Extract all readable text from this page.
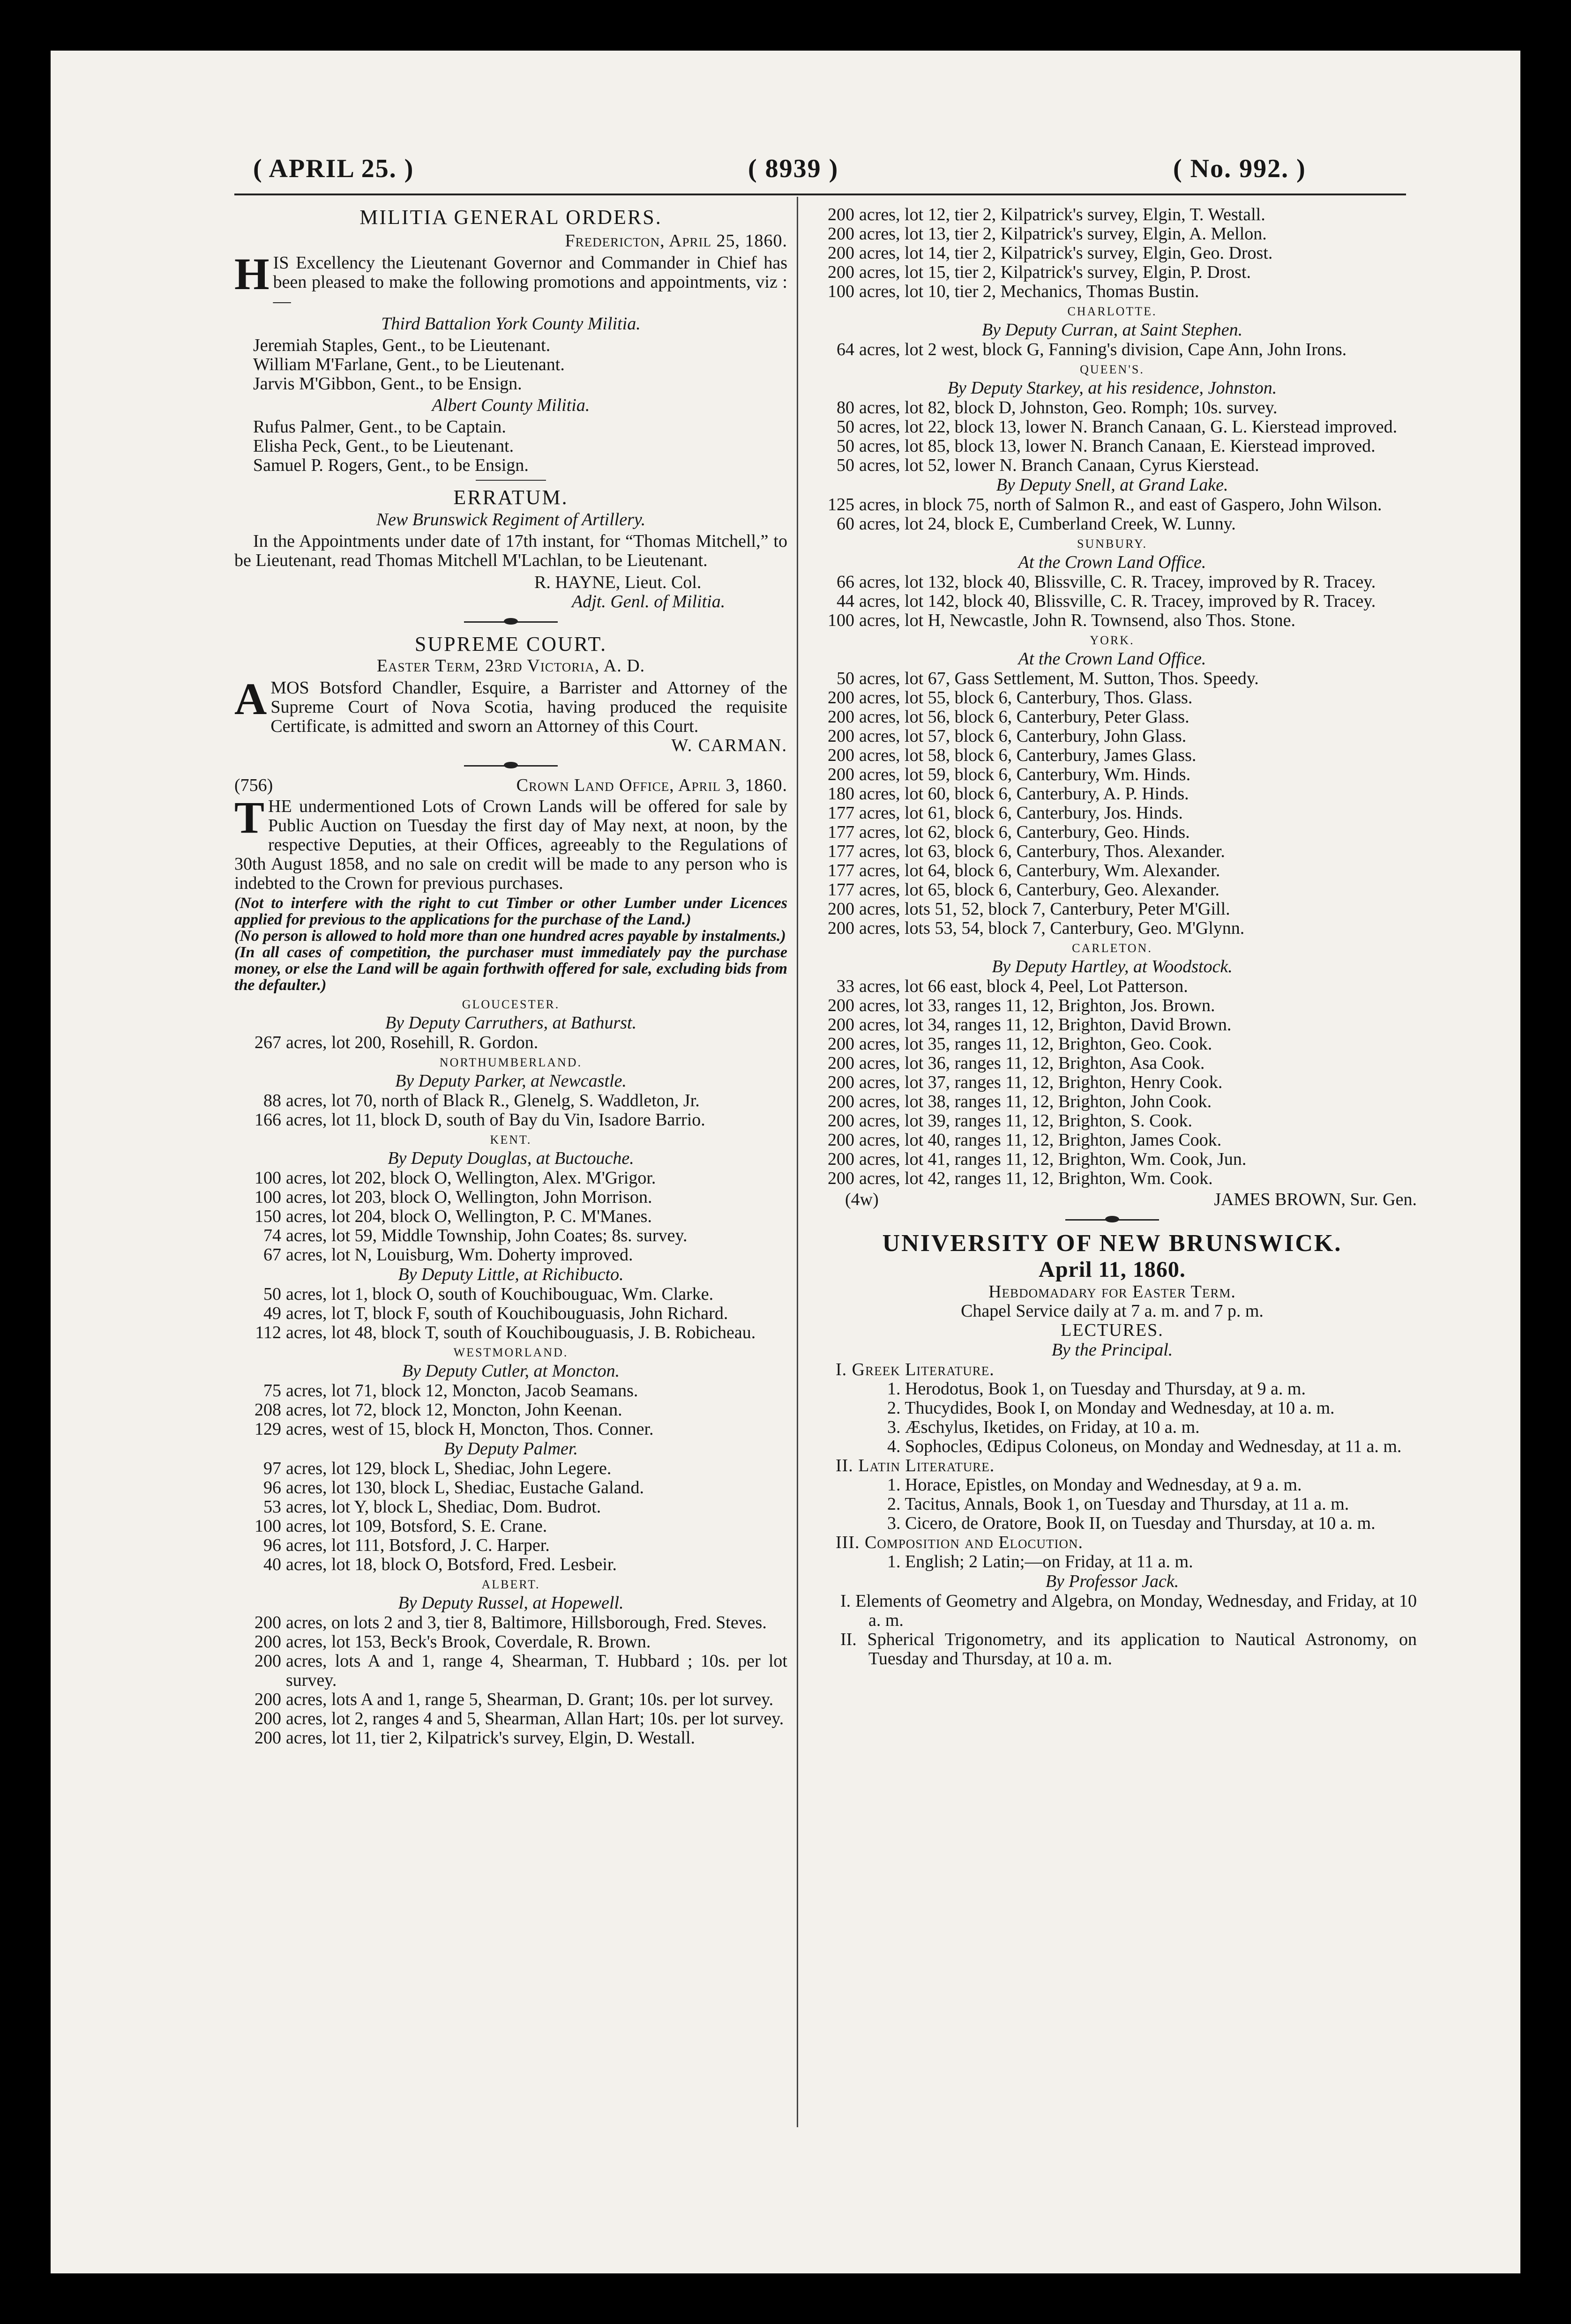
( APRIL 25. )	( 8939 )	( No. 992. )

MILITIA GENERAL ORDERS.

Fredericton, April 25, 1860.

HIS Excellency the Lieutenant Governor and Commander in Chief has been pleased to make the following promotions and appointments, viz :—

Third Battalion York County Militia.

Jeremiah Staples, Gent., to be Lieutenant.

William M'Farlane, Gent., to be Lieutenant.

Jarvis M'Gibbon, Gent., to be Ensign.

Albert County Militia.

Rufus Palmer, Gent., to be Captain.

Elisha Peck, Gent., to be Lieutenant.

Samuel P. Rogers, Gent., to be Ensign.

ERRATUM.

New Brunswick Regiment of Artillery.

In the Appointments under date of 17th instant, for “Thomas Mitchell,” to be Lieutenant, read Thomas Mitchell M'Lachlan, to be Lieutenant.

R. HAYNE, Lieut. Col.

Adjt. Genl. of Militia.

SUPREME COURT.

Easter Term, 23rd Victoria, A. D.

AMOS Botsford Chandler, Esquire, a Barrister and Attorney of the Supreme Court of Nova Scotia, having produced the requisite Certificate, is admitted and sworn an Attorney of this Court.

W. CARMAN.

(756)	Crown Land Office, April 3, 1860.

THE undermentioned Lots of Crown Lands will be offered for sale by Public Auction on Tuesday the first day of May next, at noon, by the respective Deputies, at their Offices, agreeably to the Regulations of 30th August 1858, and no sale on credit will be made to any person who is indebted to the Crown for previous purchases.

(Not to interfere with the right to cut Timber or other Lumber under Licences applied for previous to the applications for the purchase of the Land.)

(No person is allowed to hold more than one hundred acres payable by instalments.)

(In all cases of competition, the purchaser must immediately pay the purchase money, or else the Land will be again forthwith offered for sale, excluding bids from the defaulter.)

GLOUCESTER.

By Deputy Carruthers, at Bathurst.

267 acres, lot 200, Rosehill, R. Gordon.

NORTHUMBERLAND.

By Deputy Parker, at Newcastle.

88 acres, lot 70, north of Black R., Glenelg, S. Waddleton, Jr.

166 acres, lot 11, block D, south of Bay du Vin, Isadore Barrio.

KENT.

By Deputy Douglas, at Buctouche.

100 acres, lot 202, block O, Wellington, Alex. M'Grigor.

100 acres, lot 203, block O, Wellington, John Morrison.

150 acres, lot 204, block O, Wellington, P. C. M'Manes.

74 acres, lot 59, Middle Township, John Coates; 8s. survey.

67 acres, lot N, Louisburg, Wm. Doherty improved.

By Deputy Little, at Richibucto.

50 acres, lot 1, block O, south of Kouchibouguac, Wm. Clarke.

49 acres, lot T, block F, south of Kouchibouguasis, John Richard.

112 acres, lot 48, block T, south of Kouchibouguasis, J. B. Robicheau.

WESTMORLAND.

By Deputy Cutler, at Moncton.

75 acres, lot 71, block 12, Moncton, Jacob Seamans.

208 acres, lot 72, block 12, Moncton, John Keenan.

129 acres, west of 15, block H, Moncton, Thos. Conner.

By Deputy Palmer.

97 acres, lot 129, block L, Shediac, John Legere.

96 acres, lot 130, block L, Shediac, Eustache Galand.

53 acres, lot Y, block L, Shediac, Dom. Budrot.

100 acres, lot 109, Botsford, S. E. Crane.

96 acres, lot 111, Botsford, J. C. Harper.

40 acres, lot 18, block O, Botsford, Fred. Lesbeir.

ALBERT.

By Deputy Russel, at Hopewell.

200 acres, on lots 2 and 3, tier 8, Baltimore, Hillsborough, Fred. Steves.

200 acres, lot 153, Beck's Brook, Coverdale, R. Brown.

200 acres, lots A and 1, range 4, Shearman, T. Hubbard ; 10s. per lot survey.

200 acres, lots A and 1, range 5, Shearman, D. Grant; 10s. per lot survey.

200 acres, lot 2, ranges 4 and 5, Shearman, Allan Hart; 10s. per lot survey.

200 acres, lot 11, tier 2, Kilpatrick's survey, Elgin, D. Westall.

200 acres, lot 12, tier 2, Kilpatrick's survey, Elgin, T. Westall.

200 acres, lot 13, tier 2, Kilpatrick's survey, Elgin, A. Mellon.

200 acres, lot 14, tier 2, Kilpatrick's survey, Elgin, Geo. Drost.

200 acres, lot 15, tier 2, Kilpatrick's survey, Elgin, P. Drost.

100 acres, lot 10, tier 2, Mechanics, Thomas Bustin.

CHARLOTTE.

By Deputy Curran, at Saint Stephen.

64 acres, lot 2 west, block G, Fanning's division, Cape Ann, John Irons.

QUEEN'S.

By Deputy Starkey, at his residence, Johnston.

80 acres, lot 82, block D, Johnston, Geo. Romph; 10s. survey.

50 acres, lot 22, block 13, lower N. Branch Canaan, G. L. Kierstead improved.

50 acres, lot 85, block 13, lower N. Branch Canaan, E. Kierstead improved.

50 acres, lot 52, lower N. Branch Canaan, Cyrus Kierstead.

By Deputy Snell, at Grand Lake.

125 acres, in block 75, north of Salmon R., and east of Gaspero, John Wilson.

60 acres, lot 24, block E, Cumberland Creek, W. Lunny.

SUNBURY.

At the Crown Land Office.

66 acres, lot 132, block 40, Blissville, C. R. Tracey, improved by R. Tracey.

44 acres, lot 142, block 40, Blissville, C. R. Tracey, improved by R. Tracey.

100 acres, lot H, Newcastle, John R. Townsend, also Thos. Stone.

YORK.

At the Crown Land Office.

50 acres, lot 67, Gass Settlement, M. Sutton, Thos. Speedy.

200 acres, lot 55, block 6, Canterbury, Thos. Glass.

200 acres, lot 56, block 6, Canterbury, Peter Glass.

200 acres, lot 57, block 6, Canterbury, John Glass.

200 acres, lot 58, block 6, Canterbury, James Glass.

200 acres, lot 59, block 6, Canterbury, Wm. Hinds.

180 acres, lot 60, block 6, Canterbury, A. P. Hinds.

177 acres, lot 61, block 6, Canterbury, Jos. Hinds.

177 acres, lot 62, block 6, Canterbury, Geo. Hinds.

177 acres, lot 63, block 6, Canterbury, Thos. Alexander.

177 acres, lot 64, block 6, Canterbury, Wm. Alexander.

177 acres, lot 65, block 6, Canterbury, Geo. Alexander.

200 acres, lots 51, 52, block 7, Canterbury, Peter M'Gill.

200 acres, lots 53, 54, block 7, Canterbury, Geo. M'Glynn.

CARLETON.

By Deputy Hartley, at Woodstock.

33 acres, lot 66 east, block 4, Peel, Lot Patterson.

200 acres, lot 33, ranges 11, 12, Brighton, Jos. Brown.

200 acres, lot 34, ranges 11, 12, Brighton, David Brown.

200 acres, lot 35, ranges 11, 12, Brighton, Geo. Cook.

200 acres, lot 36, ranges 11, 12, Brighton, Asa Cook.

200 acres, lot 37, ranges 11, 12, Brighton, Henry Cook.

200 acres, lot 38, ranges 11, 12, Brighton, John Cook.

200 acres, lot 39, ranges 11, 12, Brighton, S. Cook.

200 acres, lot 40, ranges 11, 12, Brighton, James Cook.

200 acres, lot 41, ranges 11, 12, Brighton, Wm. Cook, Jun.

200 acres, lot 42, ranges 11, 12, Brighton, Wm. Cook.

(4w)	JAMES BROWN, Sur. Gen.

UNIVERSITY OF NEW BRUNSWICK.

April 11, 1860.

Hebdomadary for Easter Term.

Chapel Service daily at 7 a. m. and 7 p. m.

LECTURES.

By the Principal.

I. Greek Literature.

1. Herodotus, Book 1, on Tuesday and Thursday, at 9 a. m.

2. Thucydides, Book I, on Monday and Wednesday, at 10 a. m.

3. Æschylus, Iketides, on Friday, at 10 a. m.

4. Sophocles, Œdipus Coloneus, on Monday and Wednesday, at 11 a. m.

II. Latin Literature.

1. Horace, Epistles, on Monday and Wednesday, at 9 a. m.

2. Tacitus, Annals, Book 1, on Tuesday and Thursday, at 11 a. m.

3. Cicero, de Oratore, Book II, on Tuesday and Thursday, at 10 a. m.

III. Composition and Elocution.

1. English; 2 Latin;—on Friday, at 11 a. m.

By Professor Jack.

I. Elements of Geometry and Algebra, on Monday, Wednesday, and Friday, at 10 a. m.

II. Spherical Trigonometry, and its application to Nautical Astronomy, on Tuesday and Thursday, at 10 a. m.
